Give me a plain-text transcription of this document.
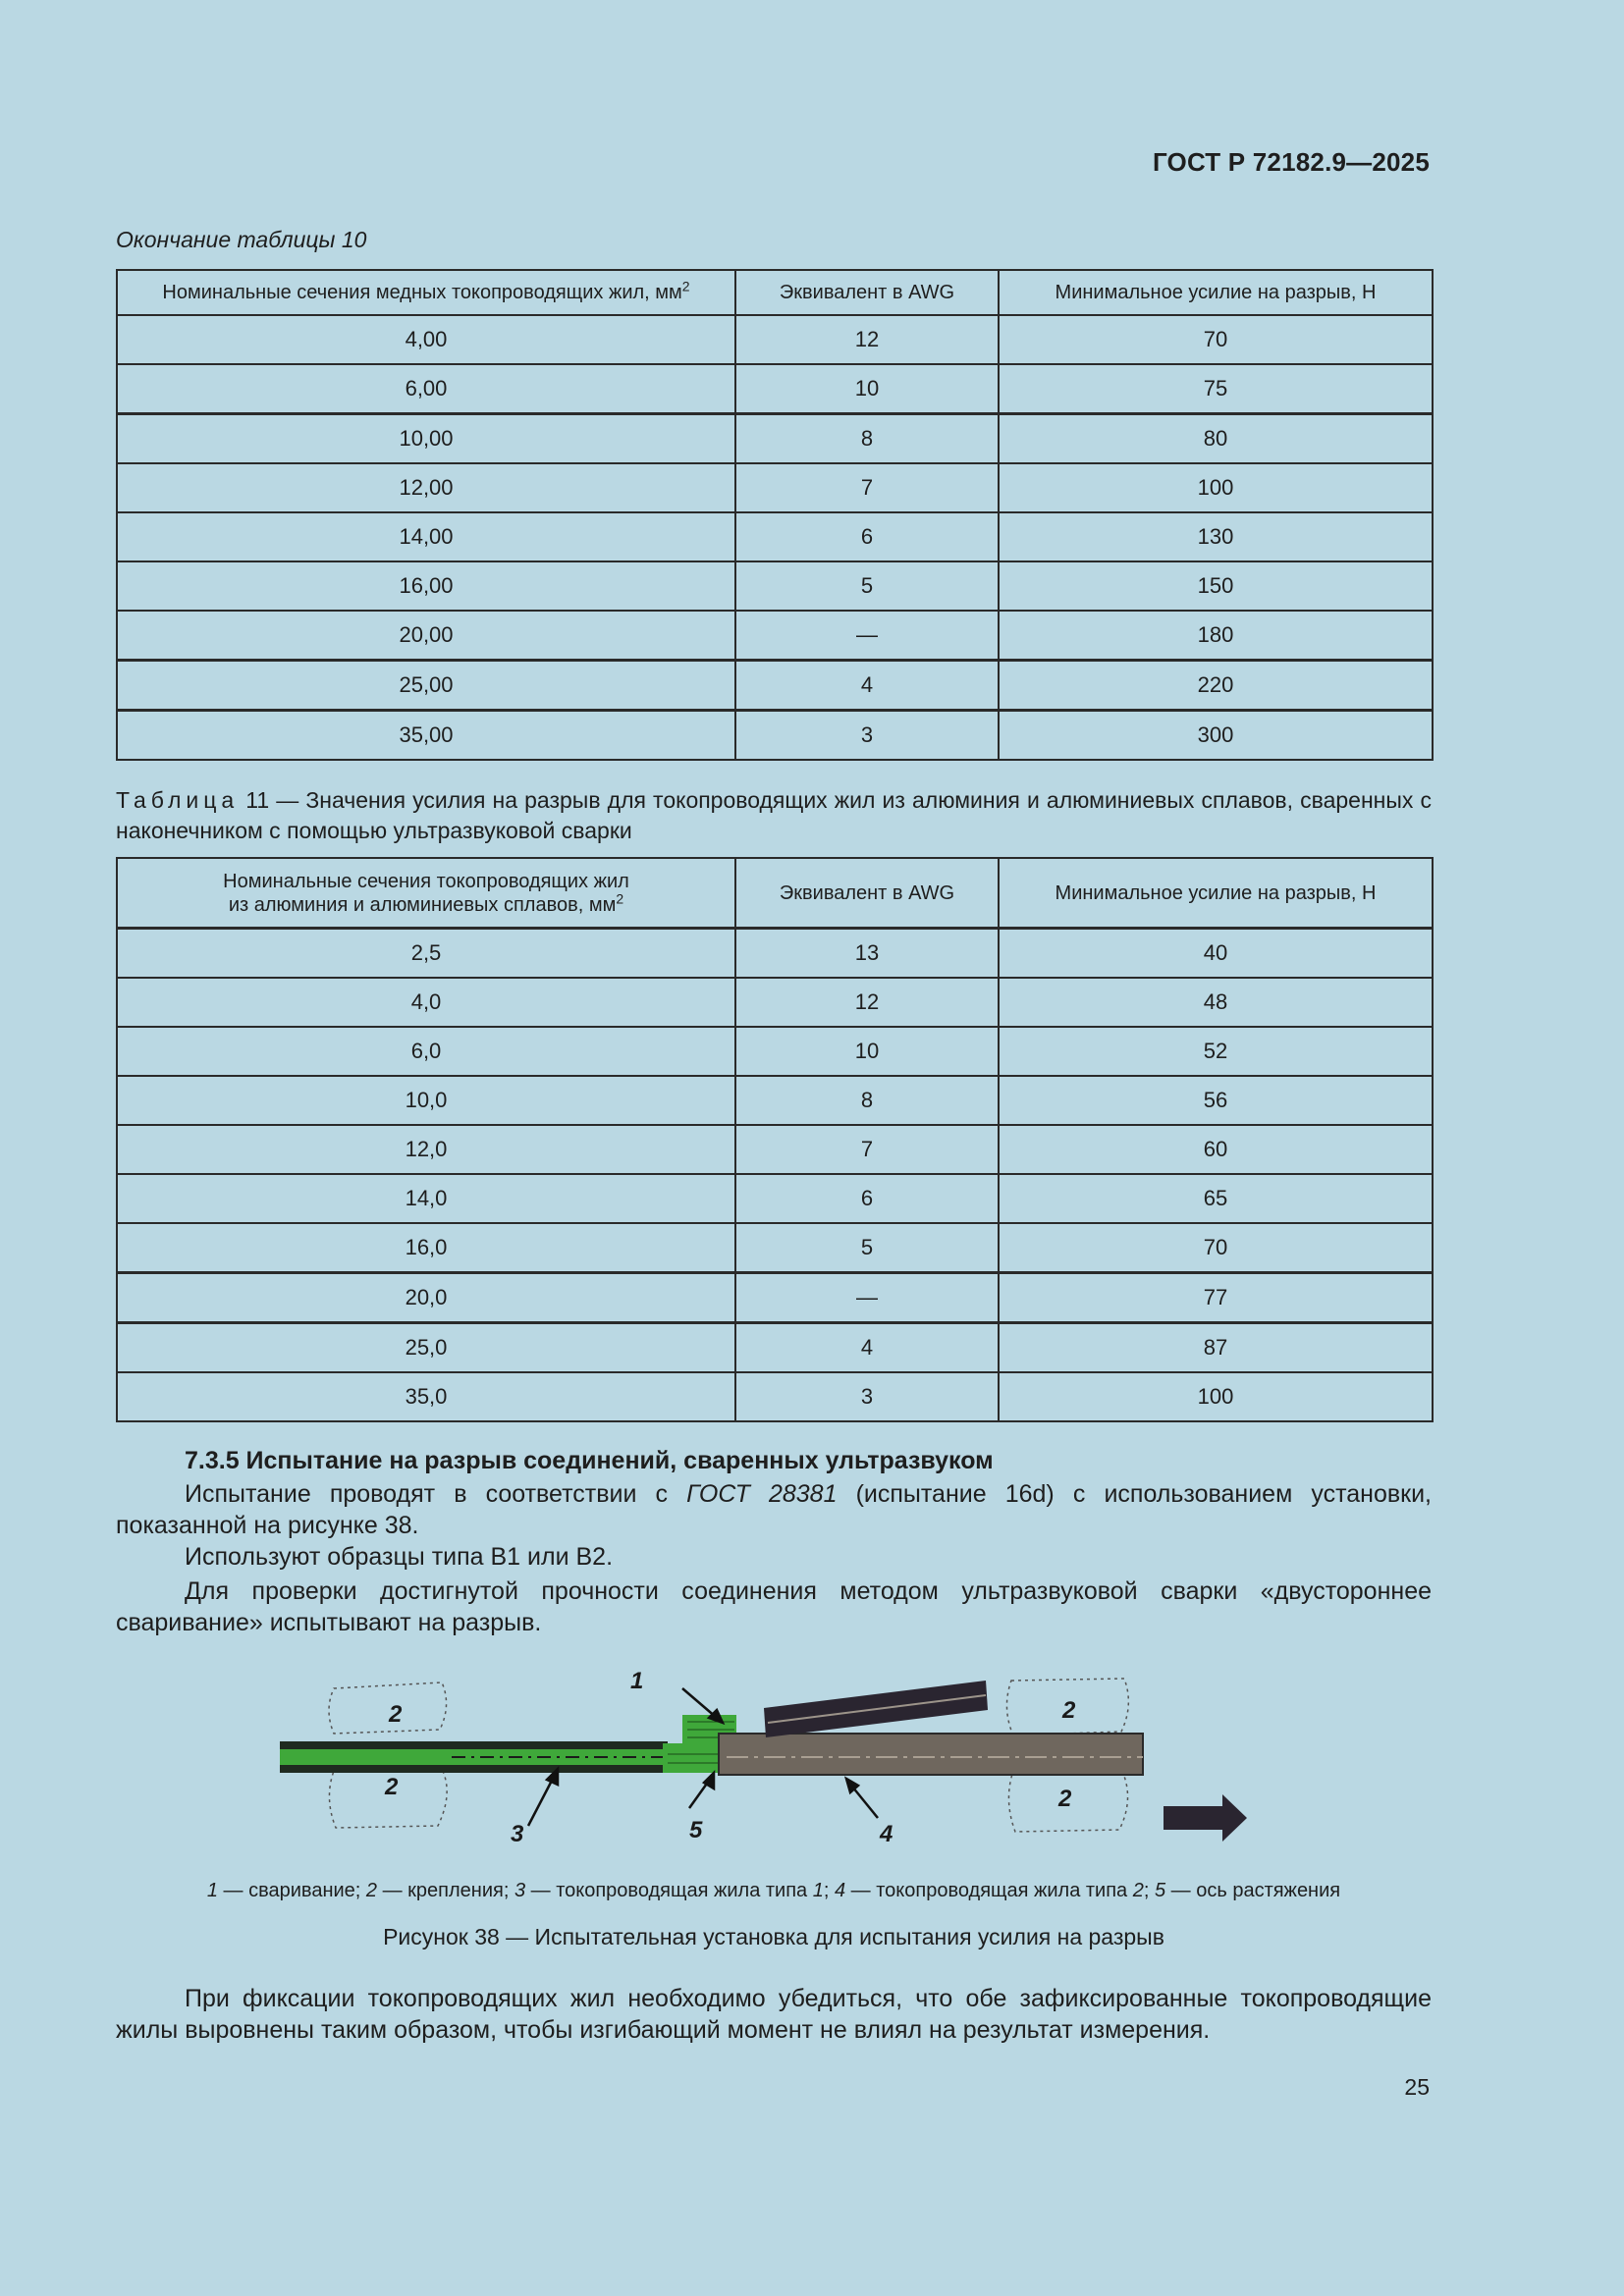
ГОСТ Р 72182.9—2025
Окончание таблицы 10
Номинальные сечения медных токопроводящих жил, $мм^2$	Эквивалент в AWG	Минимальное усилие на разрыв, Н
4,00	12	70
6,00	10	75
10,00	8	80
12,00	7	100
14,00	6	130
16,00	5	150
20,00	—	180
25,00	4	220
35,00	3	300
Таблица 11 — Значения усилия на разрыв для токопроводящих жил из алюминия и алюминиевых сплавов, сваренных с наконечником с помощью ультразвуковой сварки
Номинальные сечения токопроводящих жил
из алюминия и алюминиевых сплавов, $мм^2$	Эквивалент в AWG	Минимальное усилие на разрыв, Н
2,5	13	40
4,0	12	48
6,0	10	52
10,0	8	56
12,0	7	60
14,0	6	65
16,0	5	70
20,0	—	77
25,0	4	87
35,0	3	100
7.3.5 Испытание на разрыв соединений, сваренных ультразвуком
Испытание проводят в соответствии с ГОСТ 28381 (испытание 16d) с использованием установки, показанной на рисунке 38.
Используют образцы типа B1 или B2.
Для проверки достигнутой прочности соединения методом ультразвуковой сварки «двустороннее сваривание» испытывают на разрыв.
1
2
2
2
2
3	4
5
1 — сваривание; 2 — крепления; 3 — токопроводящая жила типа 1; 4 — токопроводящая жила типа 2; 5 — ось растяжения
Рисунок 38 — Испытательная установка для испытания усилия на разрыв
При фиксации токопроводящих жил необходимо убедиться, что обе зафиксированные токопроводящие жилы выровнены таким образом, чтобы изгибающий момент не влиял на результат измерения.
25
